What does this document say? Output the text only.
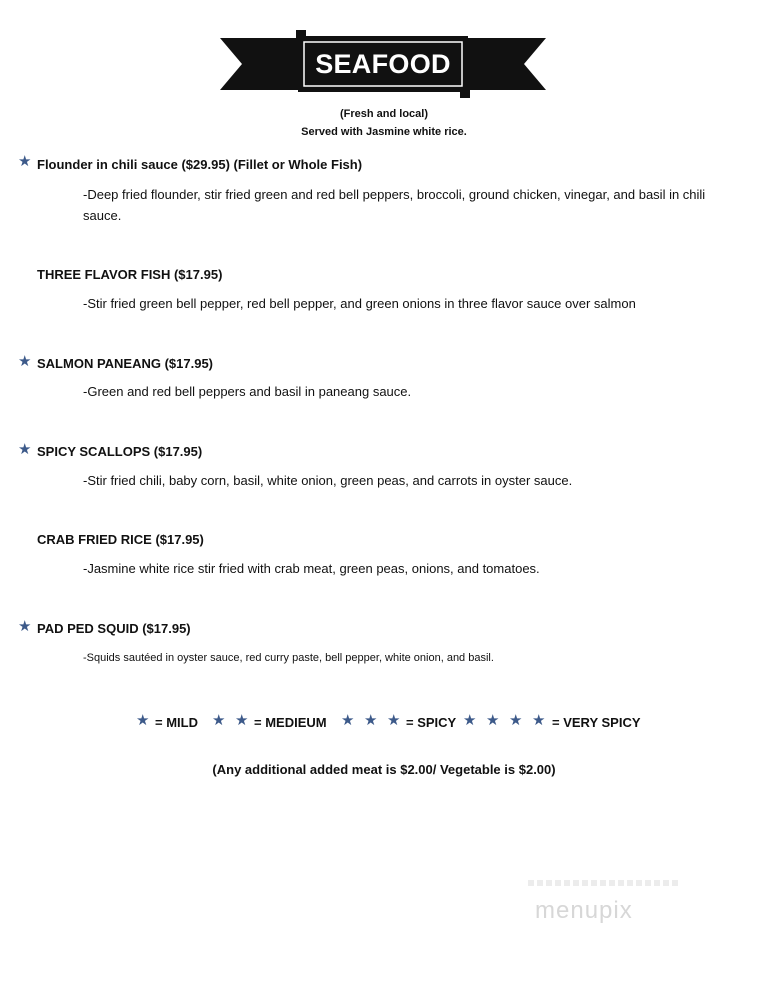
SEAFOOD
(Fresh and local)
Served with Jasmine white rice.
★ Flounder in chili sauce ($29.95) (Fillet or Whole Fish)
-Deep fried flounder, stir fried green and red bell peppers, broccoli, ground chicken, vinegar, and basil in chili sauce.
THREE FLAVOR FISH ($17.95)
-Stir fried green bell pepper, red bell pepper, and green onions in three flavor sauce over salmon
★ SALMON PANEANG ($17.95)
-Green and red bell peppers and basil in paneang sauce.
★ SPICY SCALLOPS ($17.95)
-Stir fried chili, baby corn, basil, white onion, green peas, and carrots in oyster sauce.
CRAB FRIED RICE ($17.95)
-Jasmine white rice stir fried with crab meat, green peas, onions, and tomatoes.
★ PAD PED SQUID ($17.95)
-Squids sautéed in oyster sauce, red curry paste, bell pepper, white onion, and basil.
★ = MILD ★ ★ = MEDIEUM ★ ★ ★ = SPICY ★ ★ ★ ★ = VERY SPICY
(Any additional added meat is $2.00/ Vegetable is $2.00)
menupix
